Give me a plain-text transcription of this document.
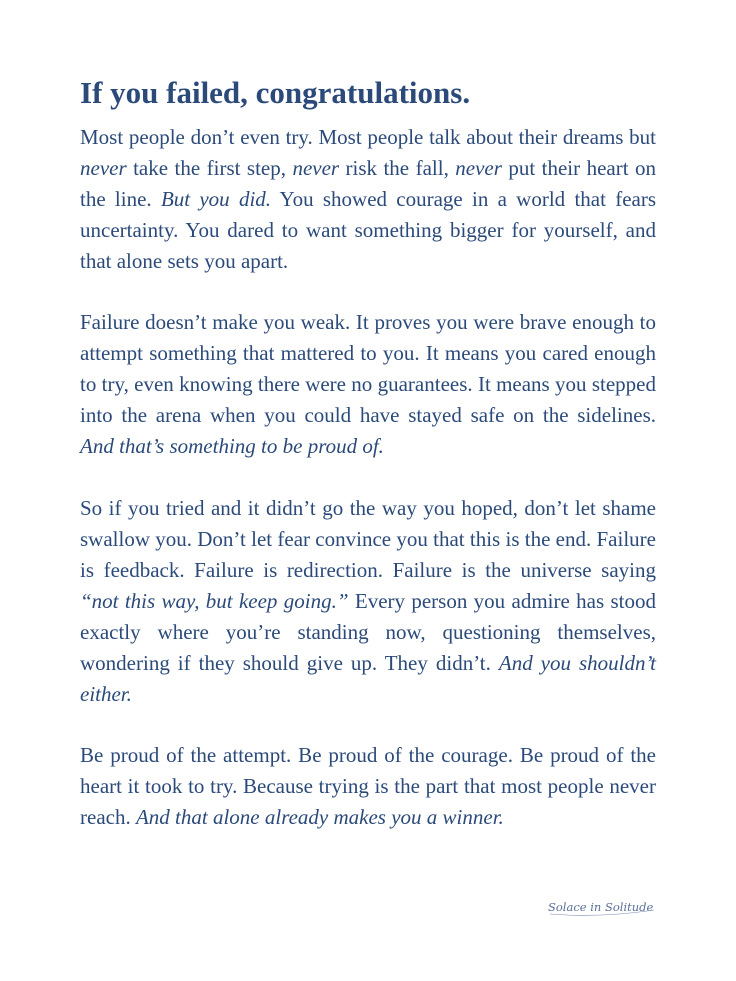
If you failed, congratulations.

Most people don’t even try. Most people talk about their dreams but never take the first step, never risk the fall, never put their heart on the line. But you did. You showed courage in a world that fears uncertainty. You dared to want something bigger for yourself, and that alone sets you apart.

Failure doesn’t make you weak. It proves you were brave enough to attempt something that mattered to you. It means you cared enough to try, even knowing there were no guarantees. It means you stepped into the arena when you could have stayed safe on the sidelines. And that’s something to be proud of.

So if you tried and it didn’t go the way you hoped, don’t let shame swallow you. Don’t let fear convince you that this is the end. Failure is feedback. Failure is redirection. Failure is the universe saying “not this way, but keep going.” Every person you admire has stood exactly where you’re standing now, questioning themselves, wondering if they should give up. They didn’t. And you shouldn’t either.

Be proud of the attempt. Be proud of the courage. Be proud of the heart it took to try. Because trying is the part that most people never reach. And that alone already makes you a winner.

Solace in Solitude
